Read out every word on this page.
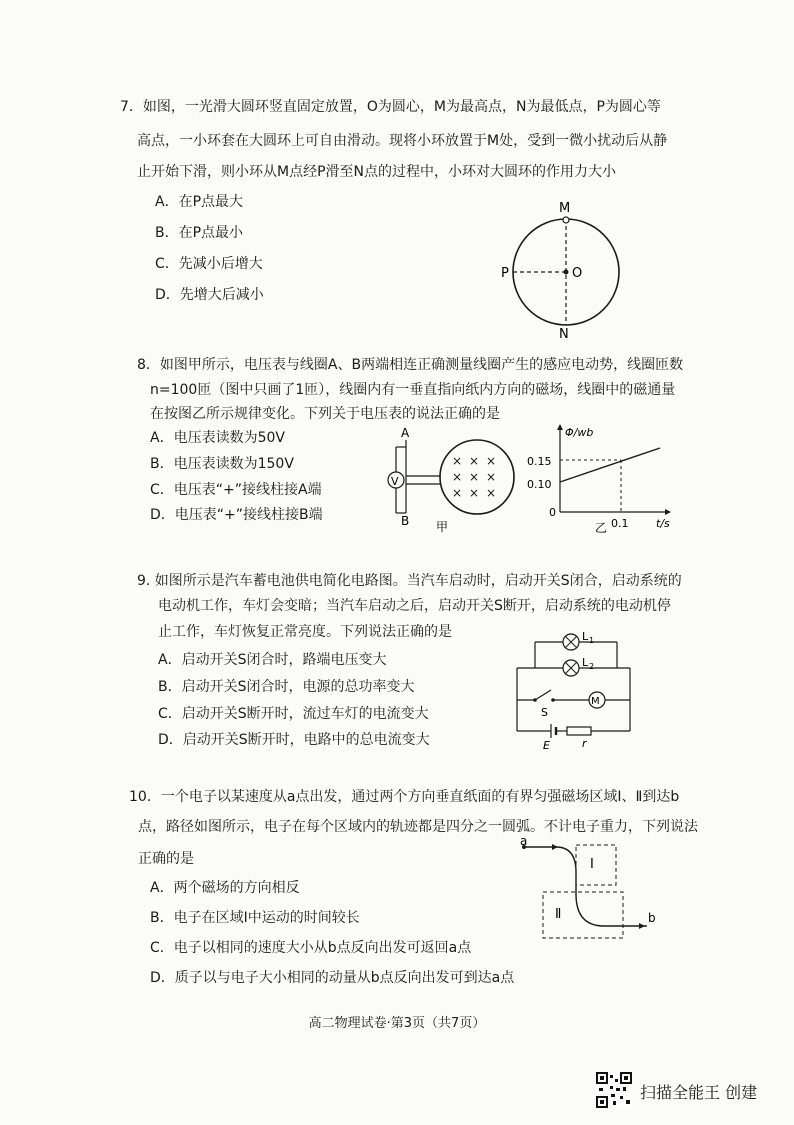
7．如图，一光滑大圆环竖直固定放置，O为圆心，M为最高点，N为最低点，P为圆心等
高点，一小环套在大圆环上可自由滑动。现将小环放置于M处，受到一微小扰动后从静
止开始下滑，则小环从M点经P滑至N点的过程中，小环对大圆环的作用力大小
A．在P点最大
B．在P点最小
C．先减小后增大
D．先增大后减小
M
N
P	O
8．如图甲所示，电压表与线圈A、B两端相连正确测量线圈产生的感应电动势，线圈匝数
n=100匝（图中只画了1匝），线圈内有一垂直指向纸内方向的磁场，线圈中的磁通量
在按图乙所示规律变化。下列关于电压表的说法正确的是
A．电压表读数为50V
B．电压表读数为150V
C．电压表“+”接线柱接A端
D．电压表“+”接线柱接B端
A
B
V
× × ×
× × ×
× × ×
甲
Φ/wb
t/s
0.15
0.10
0
0.1
乙
9. 如图所示是汽车蓄电池供电简化电路图。当汽车启动时，启动开关S闭合，启动系统的
电动机工作，车灯会变暗；当汽车启动之后，启动开关S断开，启动系统的电动机停
止工作，车灯恢复正常亮度。下列说法正确的是
A．启动开关S闭合时，路端电压变大
B．启动开关S闭合时，电源的总功率变大
C．启动开关S断开时，流过车灯的电流变大
D．启动开关S断开时，电路中的总电流变大
L 1
L 2
S
M
E	r
10．一个电子以某速度从a点出发，通过两个方向垂直纸面的有界匀强磁场区域Ⅰ、Ⅱ到达b
点，路径如图所示，电子在每个区域内的轨迹都是四分之一圆弧。不计电子重力，下列说法
正确的是
A．两个磁场的方向相反
B．电子在区域Ⅰ中运动的时间较长
C．电子以相同的速度大小从b点反向出发可返回a点
D．质子以与电子大小相同的动量从b点反向出发可到达a点
Ⅰ
Ⅱ
a
b
高二物理试卷·第3页（共7页）
扫描全能王 创建
